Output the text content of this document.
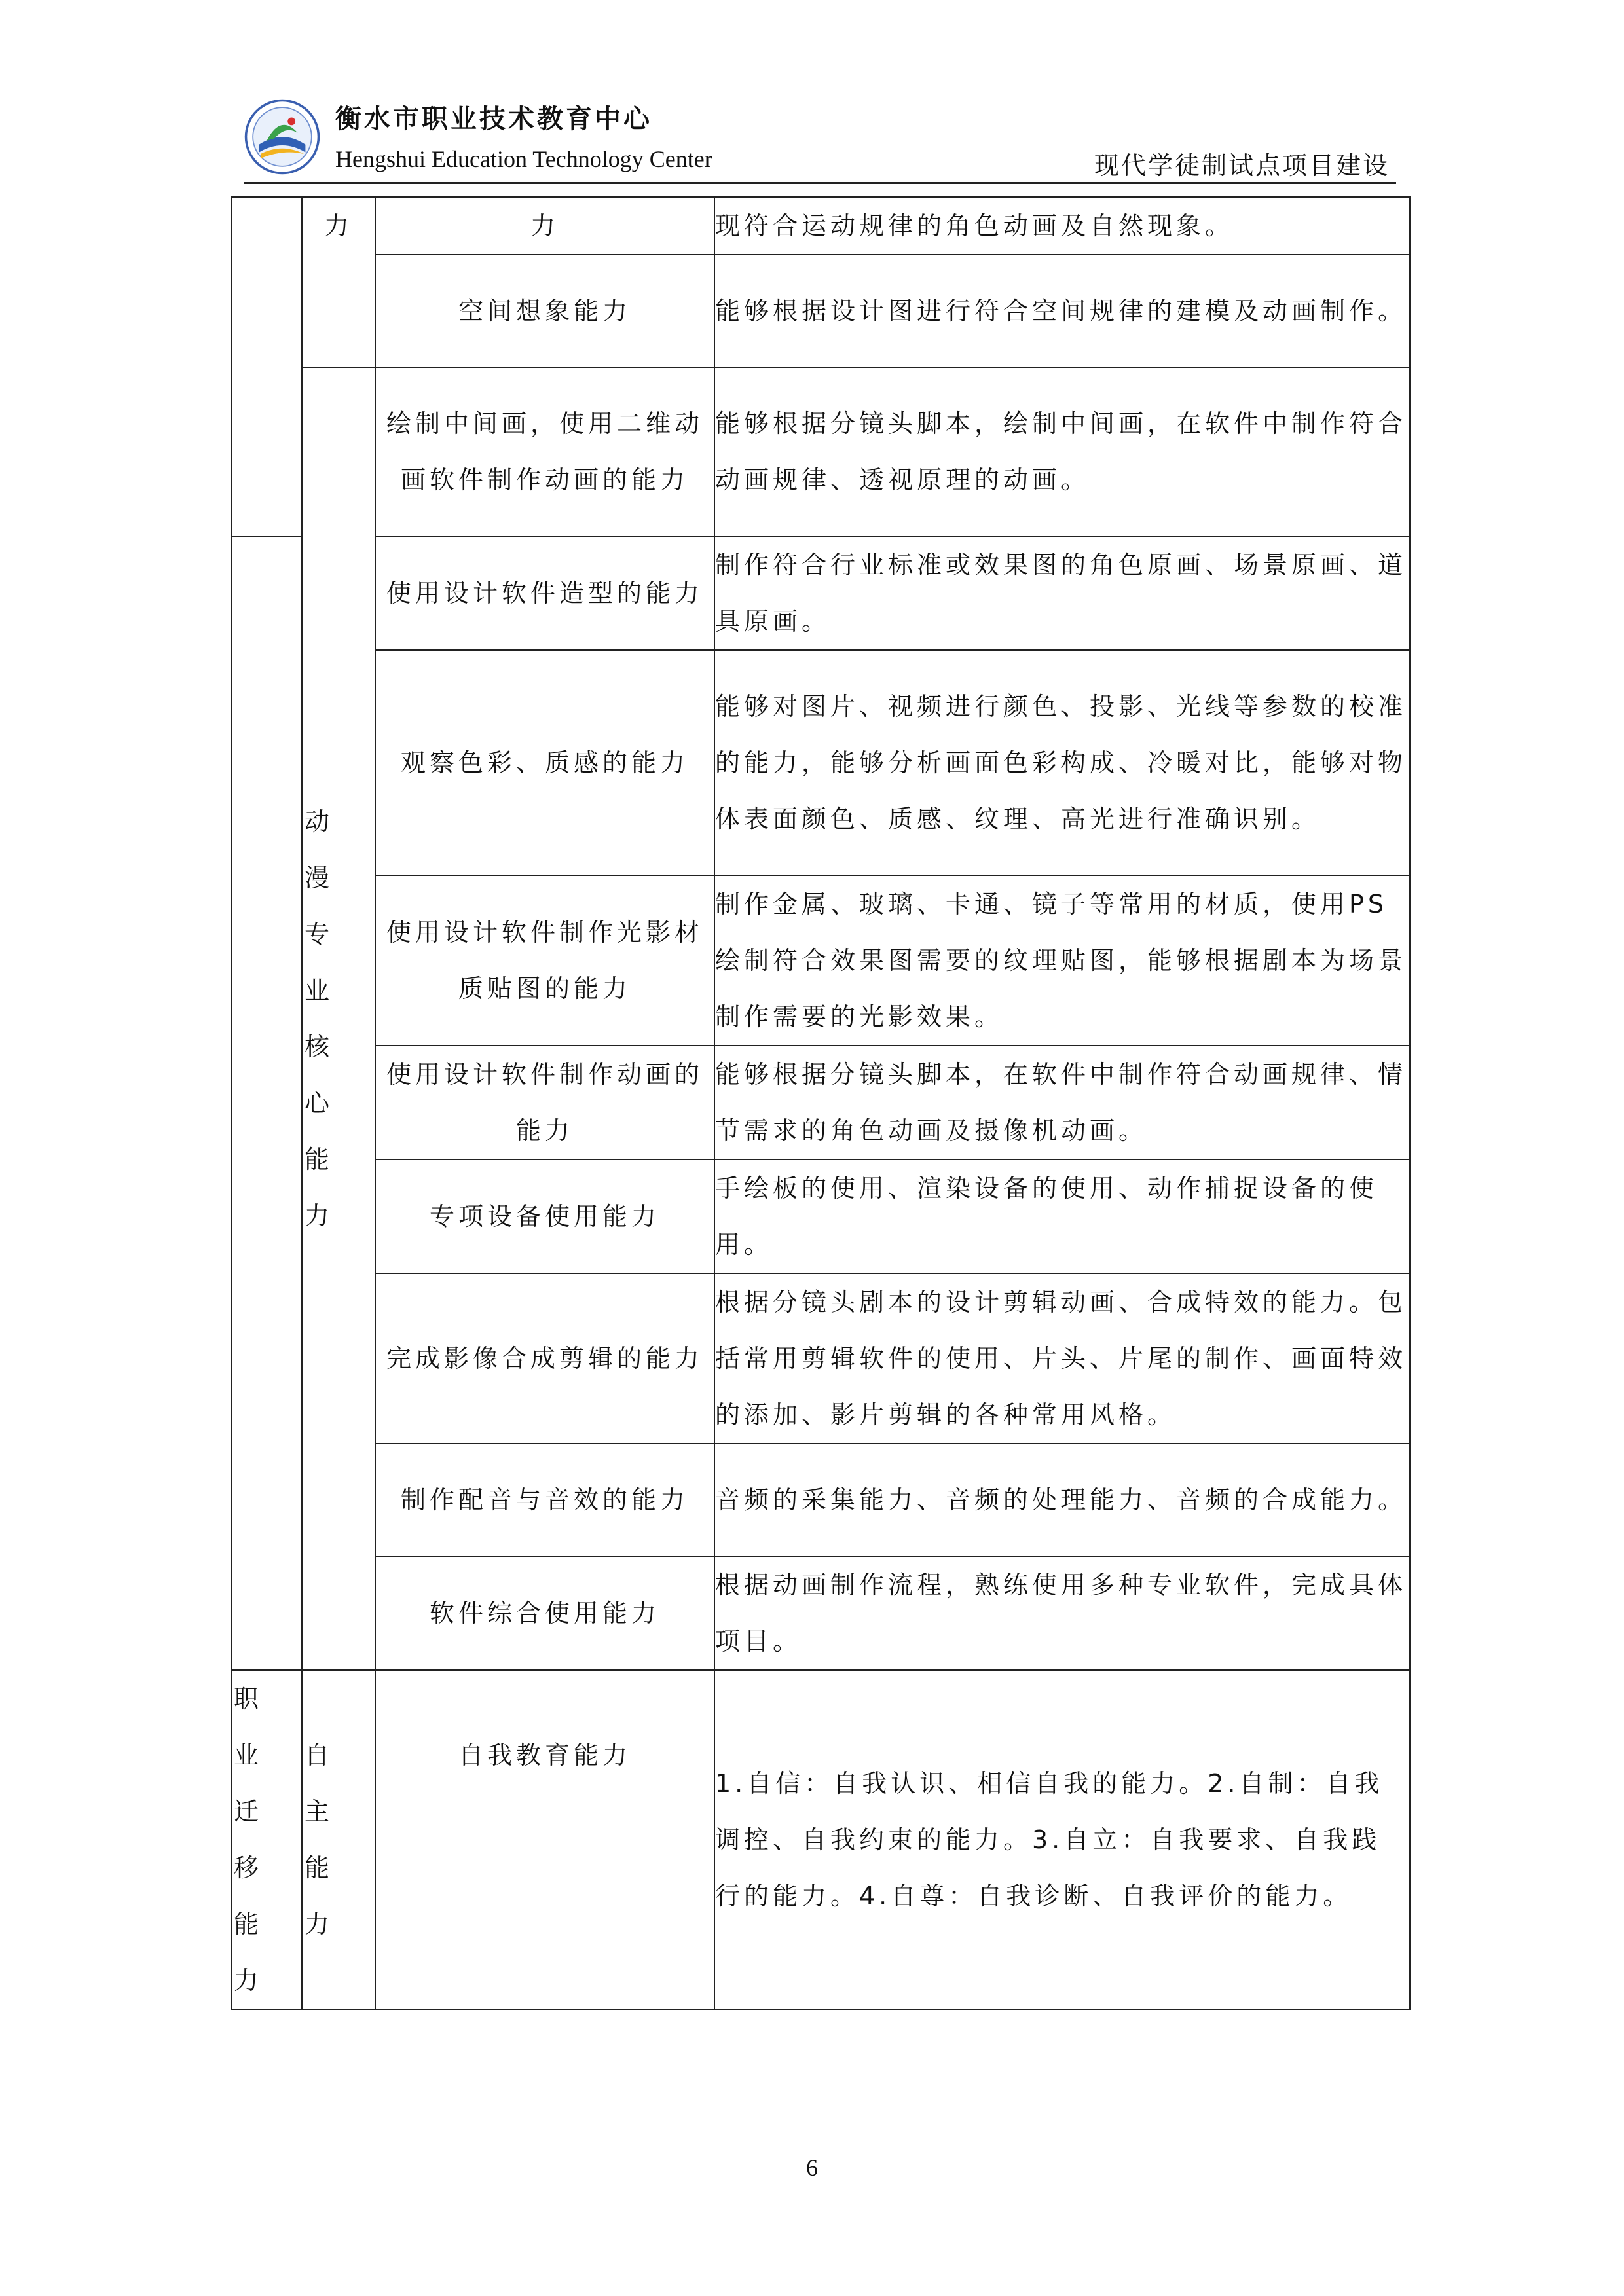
衡水市职业技术教育中心
Hengshui Education Technology Center	现代学徒制试点项目建设

	力	力	现符合运动规律的角色动画及自然现象。
		空间想象能力	能够根据设计图进行符合空间规律的建模及动画制作。

	动漫专业核心能力	绘制中间画，使用二维动画软件制作动画的能力	能够根据分镜头脚本，绘制中间画，在软件中制作符合动画规律、透视原理的动画。
		使用设计软件造型的能力	制作符合行业标准或效果图的角色原画、场景原画、道具原画。
		观察色彩、质感的能力	能够对图片、视频进行颜色、投影、光线等参数的校准的能力，能够分析画面色彩构成、冷暖对比，能够对物体表面颜色、质感、纹理、高光进行准确识别。
		使用设计软件制作光影材质贴图的能力	制作金属、玻璃、卡通、镜子等常用的材质，使用PS绘制符合效果图需要的纹理贴图，能够根据剧本为场景制作需要的光影效果。
		使用设计软件制作动画的能力	能够根据分镜头脚本，在软件中制作符合动画规律、情节需求的角色动画及摄像机动画。
		专项设备使用能力	手绘板的使用、渲染设备的使用、动作捕捉设备的使用。
		完成影像合成剪辑的能力	根据分镜头剧本的设计剪辑动画、合成特效的能力。包括常用剪辑软件的使用、片头、片尾的制作、画面特效的添加、影片剪辑的各种常用风格。
		制作配音与音效的能力	音频的采集能力、音频的处理能力、音频的合成能力。
		软件综合使用能力	根据动画制作流程，熟练使用多种专业软件，完成具体项目。

职业迁移能力	自主能力	自我教育能力	1.自信：自我认识、相信自我的能力。2.自制：自我调控、自我约束的能力。3.自立：自我要求、自我践行的能力。4.自尊：自我诊断、自我评价的能力。
6
